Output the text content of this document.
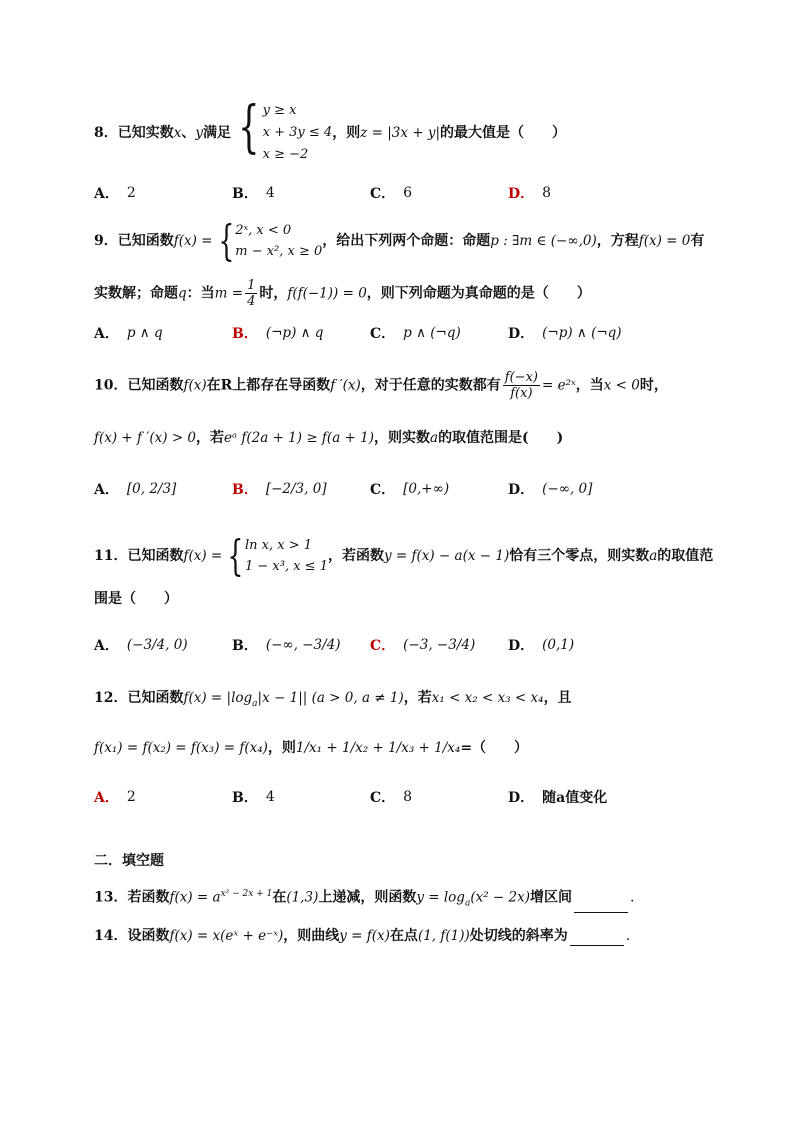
8．已知实数x、y满足 { y ≥ x
x + 3y ≤ 4
x ≥ −2
，则z = |3x + y|的最大值是（　　）
A． 2	B． 4	C． 6	D． 8
9．已知函数f(x) = { 2ˣ, x < 0
m − x², x ≥ 0
，给出下列两个命题：命题p : ∃m ∈ (−∞,0)，方程f(x) = 0有
实数解；命题q：当$m = \frac{1}{4}$ 时，f(f(−1)) = 0，则下列命题为真命题的是（　　）
A． p ∧ q	B． (¬p) ∧ q	C． p ∧ (¬q)	D． (¬p) ∧ (¬q)
10．已知函数f(x)在R上都存在导函数f ′(x)，对于任意的实数都有 $\frac{f(-x)}{f(x)}$ = e²ˣ，当x < 0时，
f(x) + f ′(x) > 0，若eᵃ f(2a + 1) ≥ f(a + 1)，则实数a的取值范围是(　　)
A． [0, 2/3]	B． [−2/3, 0]	C． [0,+∞)	D． (−∞, 0]
11．已知函数f(x) = { ln x, x > 1
1 − x³, x ≤ 1
，若函数y = f(x) − a(x − 1)恰有三个零点，则实数a的取值范
围是（　　）
A． (−3/4, 0)	B． (−∞, −3/4) C． (−3, −3/4) D． (0,1)
12．已知函数$f(x) = |\log_a|x - 1||$ (a > 0, a ≠ 1)，若x₁ < x₂ < x₃ < x₄，且
f(x₁) = f(x₂) = f(x₃) = f(x₄)，则1/x₁ + 1/x₂ + 1/x₃ + 1/x₄=（　　）
A． 2	B． 4	C． 8	D． 随a值变化
二．填空题
13．若函数$f(x) = a^{x^2 - 2x + 1}$在(1,3)上递减，则函数$y = \log_a(x^2 - 2x)$增区间	.
14．设函数f(x) = x(eˣ + e⁻ˣ)，则曲线y = f(x)在点(1, f(1))处切线的斜率为	.
